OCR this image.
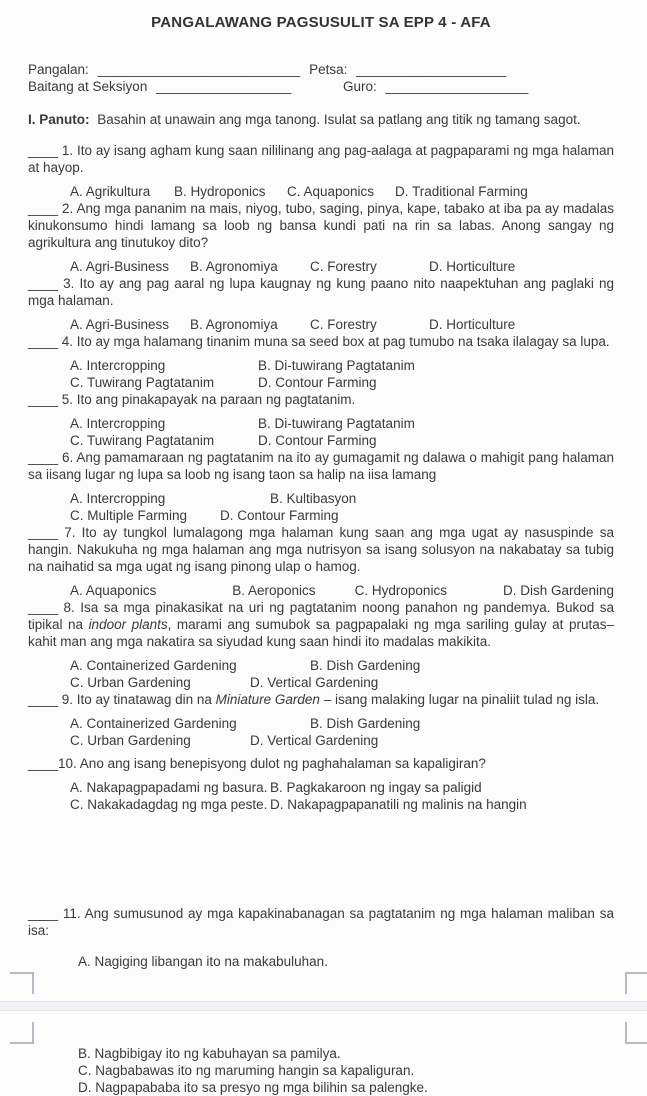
PANGALAWANG PAGSUSULIT SA EPP 4 - AFA
Pangalan: ___________________________ Petsa: ____________________
Baitang at Seksiyon __________________	Guro: ___________________

I. Panuto: Basahin at unawain ang mga tanong. Isulat sa patlang ang titik ng tamang sagot.

____ 1. Ito ay isang agham kung saan nililinang ang pag-aalaga at pagpaparami ng mga halaman at hayop.

A. Agrikultura	B. Hydroponics	C. Aquaponics	D. Traditional Farming

____ 2. Ang mga pananim na mais, niyog, tubo, saging, pinya, kape, tabako at iba pa ay madalas kinukonsumo hindi lamang sa loob ng bansa kundi pati na rin sa labas. Anong sangay ng agrikultura ang tinutukoy dito?

A. Agri-Business	B. Agronomiya	C. Forestry	D. Horticulture

____ 3. Ito ay ang pag aaral ng lupa kaugnay ng kung paano nito naapektuhan ang paglaki ng mga halaman.

A. Agri-Business	B. Agronomiya	C. Forestry	D. Horticulture

____ 4. Ito ay mga halamang tinanim muna sa seed box at pag tumubo na tsaka ilalagay sa lupa.

A. Intercropping	B. Di-tuwirang Pagtatanim
C. Tuwirang Pagtatanim	D. Contour Farming

____ 5. Ito ang pinakapayak na paraan ng pagtatanim.

A. Intercropping	B. Di-tuwirang Pagtatanim
C. Tuwirang Pagtatanim	D. Contour Farming

____ 6. Ang pamamaraan ng pagtatanim na ito ay gumagamit ng dalawa o mahigit pang halaman sa iisang lugar ng lupa sa loob ng isang taon sa halip na iisa lamang

A. Intercropping	B. Kultibasyon
C. Multiple Farming	D. Contour Farming

____ 7. Ito ay tungkol lumalagong mga halaman kung saan ang mga ugat ay nasuspinde sa hangin. Nakukuha ng mga halaman ang mga nutrisyon sa isang solusyon na nakabatay sa tubig na naihatid sa mga ugat ng isang pinong ulap o hamog.

A. Aquaponics	B. Aeroponics	C. Hydroponics	D. Dish Gardening

____ 8. Isa sa mga pinakasikat na uri ng pagtatanim noong panahon ng pandemya. Bukod sa tipikal na indoor plants, marami ang sumubok sa pagpapalaki ng mga sariling gulay at prutas–kahit man ang mga nakatira sa siyudad kung saan hindi ito madalas makikita.

A. Containerized Gardening	B. Dish Gardening
C. Urban Gardening	D. Vertical Gardening

____ 9. Ito ay tinatawag din na Miniature Garden – isang malaking lugar na pinaliit tulad ng isla.

A. Containerized Gardening	B. Dish Gardening
C. Urban Gardening	D. Vertical Gardening

____10. Ano ang isang benepisyong dulot ng paghahalaman sa kapaligiran?

A. Nakapagpapadami ng basura. B. Pagkakaroon ng ingay sa paligid
C. Nakakadagdag ng mga peste. D. Nakapagpapanatili ng malinis na hangin

____ 11. Ang sumusunod ay mga kapakinabanagan sa pagtatanim ng mga halaman maliban sa isa:

A. Nagiging libangan ito na makabuluhan.
B. Nagbibigay ito ng kabuhayan sa pamilya.
C. Nagbabawas ito ng maruming hangin sa kapaliguran.
D. Nagpapababa ito sa presyo ng mga bilihin sa palengke.
